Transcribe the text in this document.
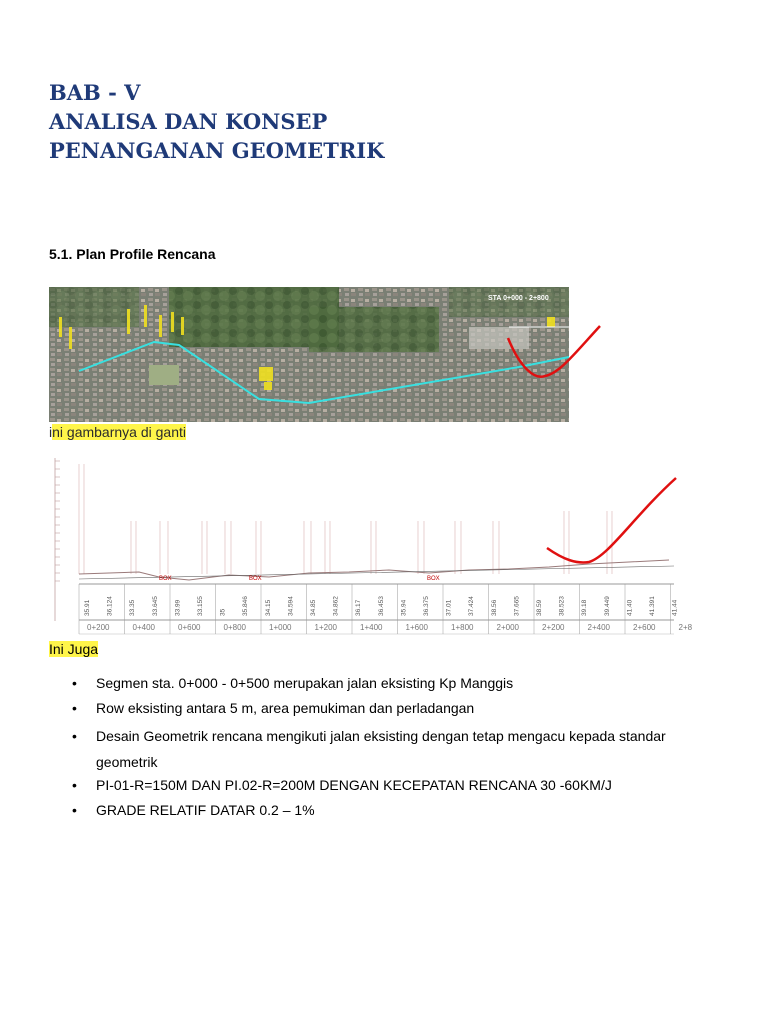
BAB - V
ANALISA DAN KONSEP
PENANGANAN GEOMETRIK
5.1. Plan Profile Rencana
STA 0+000 - 2+800
ini gambarnya di ganti
BOX	BOX	BOX
35.91 36.124 33.35 33.645 33.99 33.155 35 35.846 34.15 34.594 34.85 34.862 36.17 36.453 35.94 36.375 37.01 37.424 38.56 37.665 38.59 38.523 39.18 39.449 41.40 41.391 41.44
0+200	0+400	0+600	0+800	1+000	1+200	1+400	1+600	1+800	2+000	2+200	2+400	2+600	2+8
Ini Juga
• Segmen sta. 0+000 - 0+500 merupakan jalan eksisting Kp Manggis
• Row eksisting antara 5 m, area pemukiman dan perladangan
• Desain Geometrik rencana mengikuti jalan eksisting dengan tetap mengacu kepada standar geometrik
• PI-01-R=150M DAN PI.02-R=200M DENGAN KECEPATAN RENCANA 30 -60KM/J
• GRADE RELATIF DATAR 0.2 – 1%
